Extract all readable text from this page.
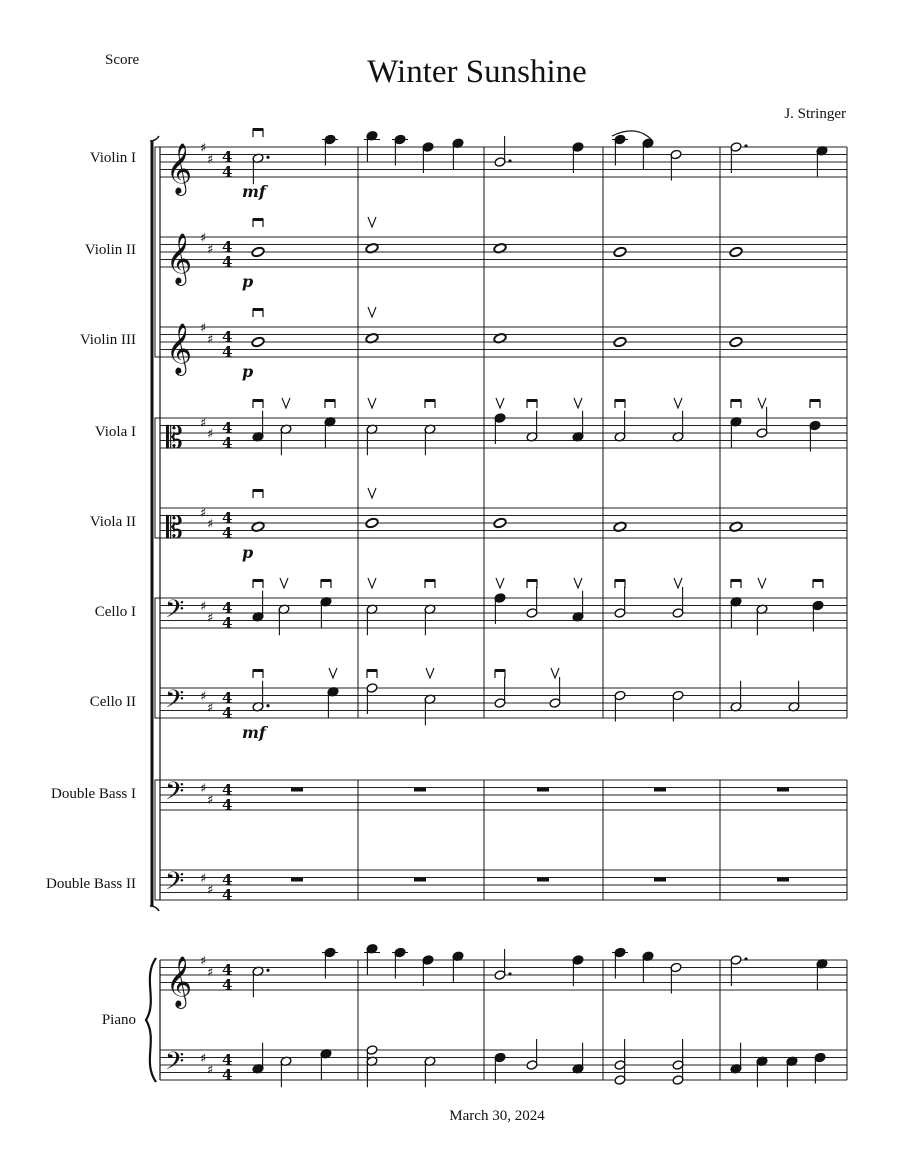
Score	Winter Sunshine
J. Stringer
Violin I
Violin II
Violin III
Viola I
Viola II
Cello I
Cello II
Double Bass I
Double Bass II
Piano
March 30, 2024
𝄞 ♯
♯ 4
4
𝄞 ♯
♯ 4
4
𝄞 ♯
♯ 4
4
𝄡 ♯
♯ 4
4
𝄡 ♯
♯ 4
4
𝄢 ♯
♯
4
4
𝄢 ♯
♯
4
4
𝄢 ♯
♯
4
4
𝄢 ♯
♯
4
4
𝄞 ♯
♯ 4
4
𝄢 ♯
♯
4
4
mf
p
p
p
mf
